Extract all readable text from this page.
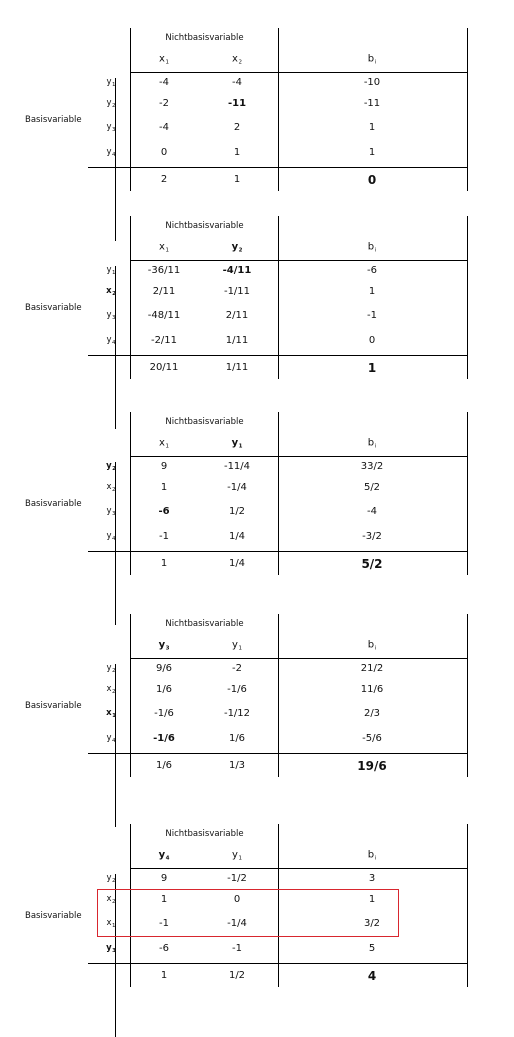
Nichtbasisvariable
$x_1$	$x_2$	$b_i$
Basisvariable
$y_1$	-4	-4	-10
$y_2$	-2	-11	-11
$y_3$	-4	2	1
$y_4$	0	1	1
2	1	0
Nichtbasisvariable
$x_1$	$y_2$	$b_i$
Basisvariable
$y_1$	-36/11	-4/11	-6
$x_2$	2/11	-1/11	1
$y_3$	-48/11	2/11	-1
$y_4$	-2/11	1/11	0
20/11	1/11	1
Nichtbasisvariable
$x_1$	$y_1$	$b_i$
Basisvariable
$y_2$	9	-11/4	33/2
$x_2$	1	-1/4	5/2
$y_3$	-6	1/2	-4
$y_4$	-1	1/4	-3/2
1	1/4	5/2
Nichtbasisvariable
$y_3$	$y_1$	$b_i$
Basisvariable
$y_2$	9/6	-2	21/2
$x_2$	1/6	-1/6	11/6
$x_1$	-1/6	-1/12	2/3
$y_4$	-1/6	1/6	-5/6
1/6	1/3	19/6
Nichtbasisvariable
$y_4$	$y_1$	$b_i$
Basisvariable
$y_2$	9	-1/2	3
$x_2$	1	0	1
$x_1$	-1	-1/4	3/2
$y_3$	-6	-1	5
1	1/2	4
